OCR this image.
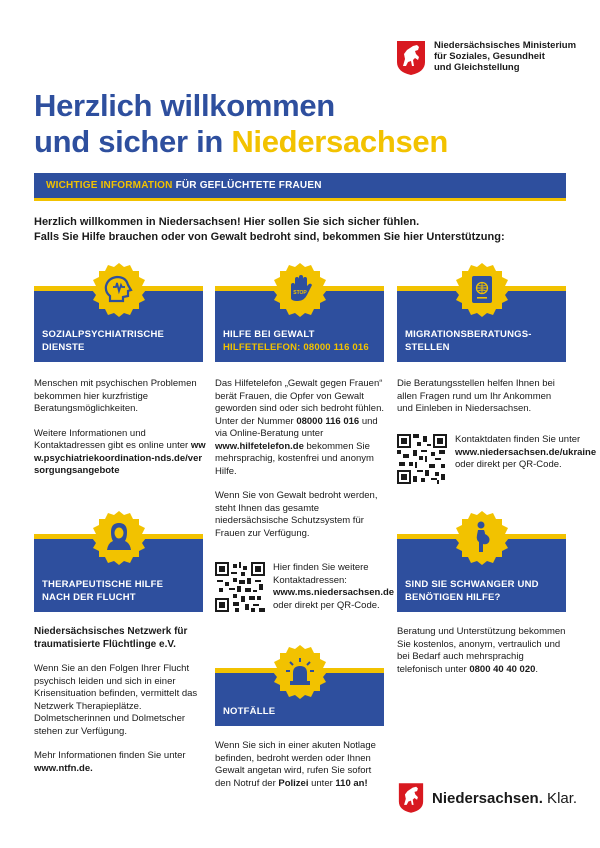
Niedersächsisches Ministerium
für Soziales, Gesundheit
und Gleichstellung
Herzlich willkommen
und sicher in Niedersachsen
WICHTIGE INFORMATION FÜR GEFLÜCHTETE FRAUEN
Herzlich willkommen in Niedersachsen! Hier sollen Sie sich sicher fühlen.
Falls Sie Hilfe brauchen oder von Gewalt bedroht sind, bekommen Sie hier Unterstützung:
SOZIALPSYCHIATRISCHE
DIENSTE

Menschen mit psychischen Problemen bekommen hier kurzfristige Beratungsmöglichkeiten.

Weitere Informationen und Kontaktadressen gibt es online unter www.psychiatriekoordination-nds.de/versorgungsangebote

STOP
HILFE BEI GEWALT
HILFETELEFON: 08000 116 016

Das Hilfetelefon „Gewalt gegen Frauen“ berät Frauen, die Opfer von Gewalt geworden sind oder sich bedroht fühlen. Unter der Nummer 08000 116 016 und via Online-Beratung unter www.hilfetelefon.de bekommen Sie mehrsprachig, kostenfrei und anonym Hilfe.

Wenn Sie von Gewalt bedroht werden, steht Ihnen das gesamte niedersächsische Schutzsystem für Frauen zur Verfügung.

Hier finden Sie weitere Kontaktadressen: www.ms.niedersachsen.de oder direkt per QR-Code.
MIGRATIONSBERATUNGS-
STELLEN

Die Beratungsstellen helfen Ihnen bei allen Fragen rund um Ihr Ankommen und Einleben in Niedersachsen.

Kontaktdaten finden Sie unter www.niedersachsen.de/ukraine oder direkt per QR-Code.
THERAPEUTISCHE HILFE
NACH DER FLUCHT

Niedersächsisches Netzwerk für traumatisierte Flüchtlinge e.V.

Wenn Sie an den Folgen Ihrer Flucht psychisch leiden und sich in einer Krisensituation befinden, vermittelt das Netzwerk Therapieplätze. Dolmetscherinnen und Dolmetscher stehen zur Verfügung.

Mehr Informationen finden Sie unter www.ntfn.de.

NOTFÄLLE

Wenn Sie sich in einer akuten Notlage befinden, bedroht werden oder Ihnen Gewalt angetan wird, rufen Sie sofort den Notruf der Polizei unter 110 an!

SIND SIE SCHWANGER UND
BENÖTIGEN HILFE?

Beratung und Unterstützung bekommen Sie kostenlos, anonym, vertraulich und bei Bedarf auch mehrsprachig telefonisch unter 0800 40 40 020.

Niedersachsen. Klar.
